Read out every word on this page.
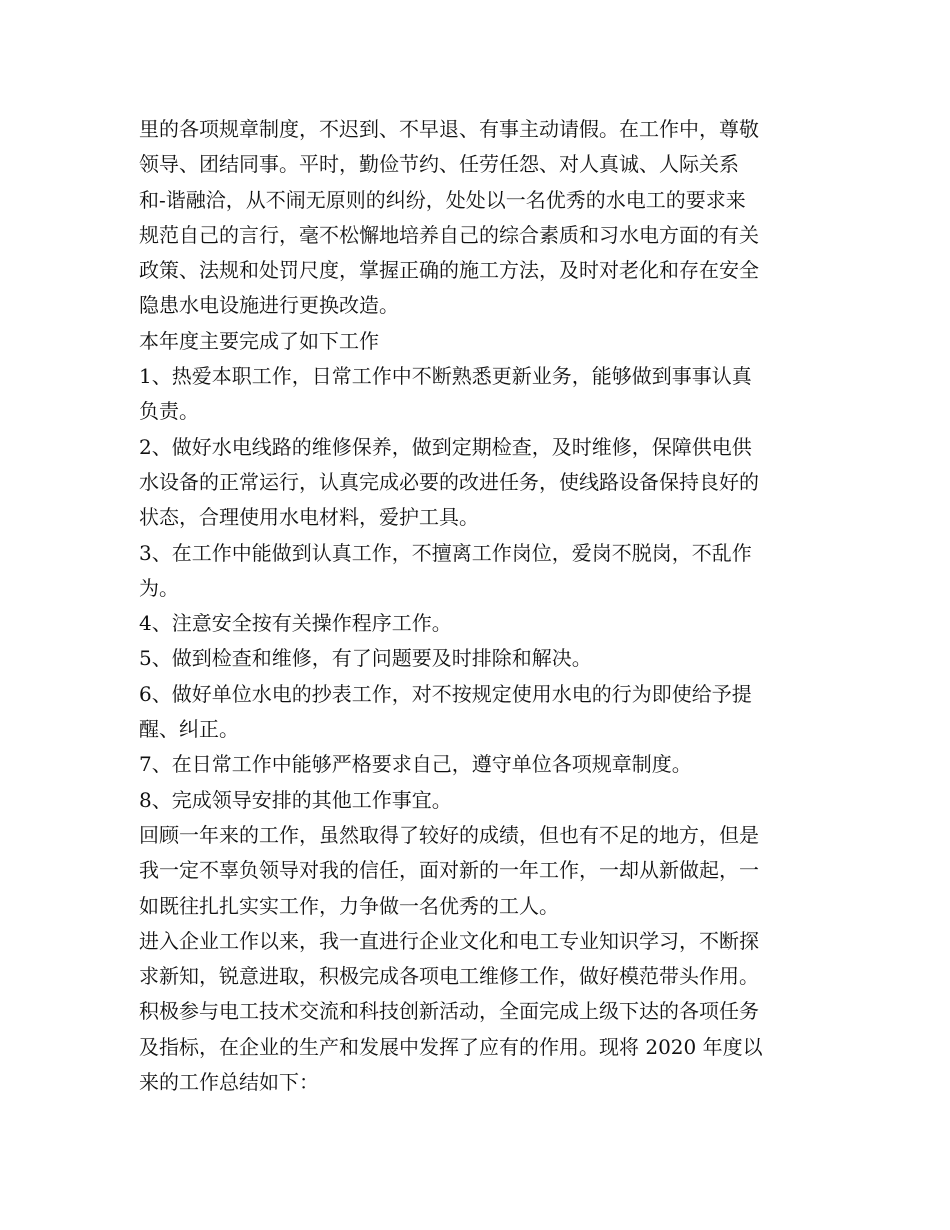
里的各项规章制度，不迟到、不早退、有事主动请假。在工作中，尊敬
领导、团结同事。平时，勤俭节约、任劳任怨、对人真诚、人际关系
和-谐融洽，从不闹无原则的纠纷，处处以一名优秀的水电工的要求来
规范自己的言行，毫不松懈地培养自己的综合素质和习水电方面的有关
政策、法规和处罚尺度，掌握正确的施工方法，及时对老化和存在安全
隐患水电设施进行更换改造。
本年度主要完成了如下工作
1、热爱本职工作，日常工作中不断熟悉更新业务，能够做到事事认真
负责。
2、做好水电线路的维修保养，做到定期检查，及时维修，保障供电供
水设备的正常运行，认真完成必要的改进任务，使线路设备保持良好的
状态，合理使用水电材料，爱护工具。
3、在工作中能做到认真工作，不擅离工作岗位，爱岗不脱岗，不乱作
为。
4、注意安全按有关操作程序工作。
5、做到检查和维修，有了问题要及时排除和解决。
6、做好单位水电的抄表工作，对不按规定使用水电的行为即使给予提
醒、纠正。
7、在日常工作中能够严格要求自己，遵守单位各项规章制度。
8、完成领导安排的其他工作事宜。
回顾一年来的工作，虽然取得了较好的成绩，但也有不足的地方，但是
我一定不辜负领导对我的信任，面对新的一年工作，一却从新做起，一
如既往扎扎实实工作，力争做一名优秀的工人。
进入企业工作以来，我一直进行企业文化和电工专业知识学习，不断探
求新知，锐意进取，积极完成各项电工维修工作，做好模范带头作用。
积极参与电工技术交流和科技创新活动，全面完成上级下达的各项任务
及指标，在企业的生产和发展中发挥了应有的作用。现将 2020 年度以
来的工作总结如下：
